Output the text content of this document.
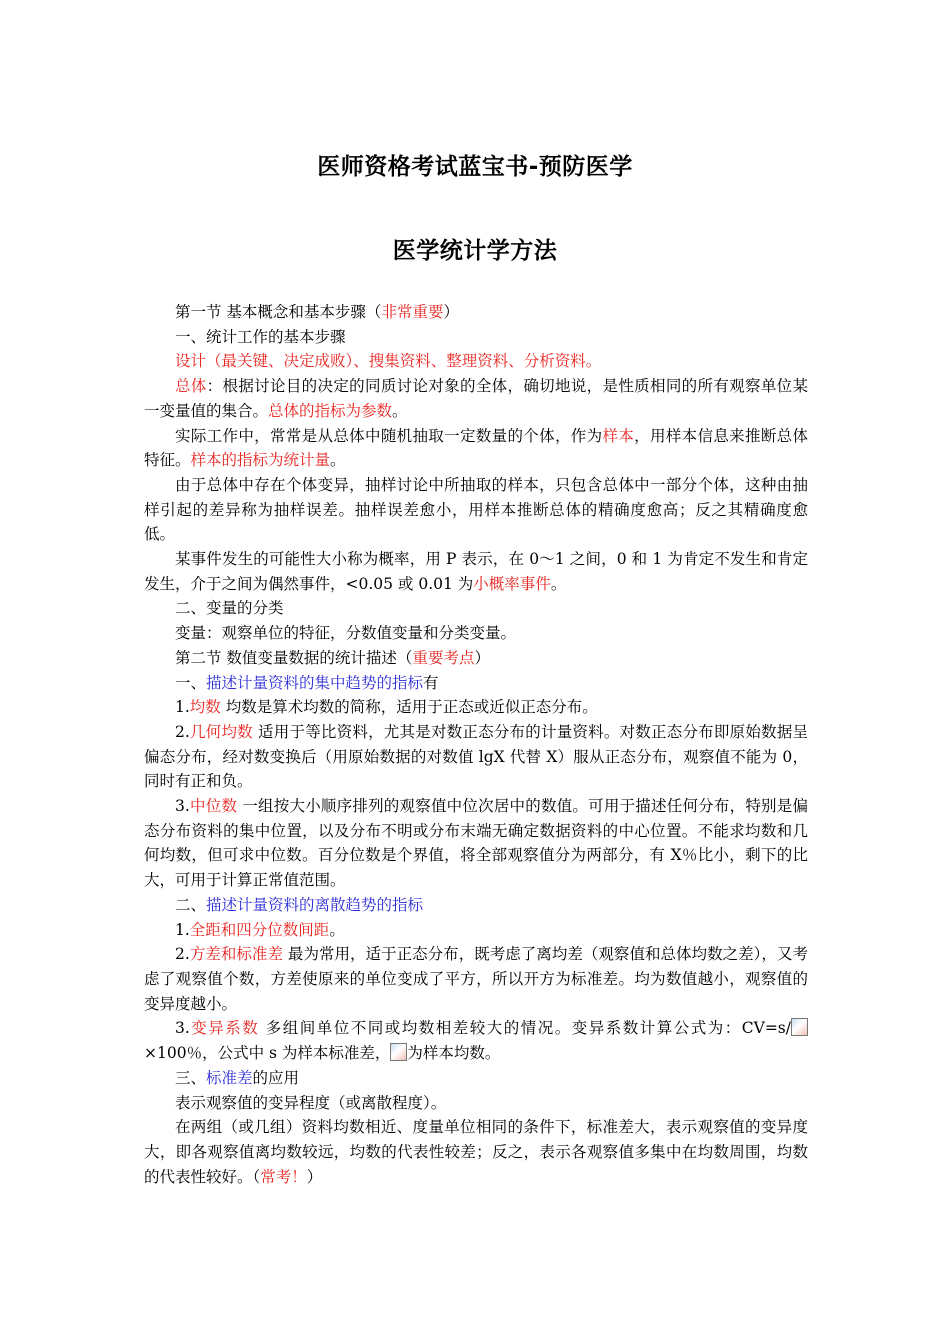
医师资格考试蓝宝书-预防医学
医学统计学方法

第一节 基本概念和基本步骤（非常重要）

一、统计工作的基本步骤

设计（最关键、决定成败）、搜集资料、整理资料、分析资料。

总体：根据讨论目的决定的同质讨论对象的全体，确切地说，是性质相同的所有观察单位某一变量值的集合。总体的指标为参数。

实际工作中，常常是从总体中随机抽取一定数量的个体，作为样本，用样本信息来推断总体特征。样本的指标为统计量。

由于总体中存在个体变异，抽样讨论中所抽取的样本，只包含总体中一部分个体，这种由抽样引起的差异称为抽样误差。抽样误差愈小，用样本推断总体的精确度愈高；反之其精确度愈低。

某事件发生的可能性大小称为概率，用 P 表示，在 0～1 之间，0 和 1 为肯定不发生和肯定发生，介于之间为偶然事件，<0.05 或 0.01 为小概率事件。

二、变量的分类

变量：观察单位的特征，分数值变量和分类变量。

第二节 数值变量数据的统计描述（重要考点）

一、描述计量资料的集中趋势的指标有

1.均数 均数是算术均数的简称，适用于正态或近似正态分布。

2.几何均数 适用于等比资料，尤其是对数正态分布的计量资料。对数正态分布即原始数据呈偏态分布，经对数变换后（用原始数据的对数值 lgX 代替 X）服从正态分布，观察值不能为 0，同时有正和负。

3.中位数 一组按大小顺序排列的观察值中位次居中的数值。可用于描述任何分布，特别是偏态分布资料的集中位置，以及分布不明或分布末端无确定数据资料的中心位置。不能求均数和几何均数，但可求中位数。百分位数是个界值，将全部观察值分为两部分，有 X％比小，剩下的比大，可用于计算正常值范围。

二、描述计量资料的离散趋势的指标

1.全距和四分位数间距。

2.方差和标准差 最为常用，适于正态分布，既考虑了离均差（观察值和总体均数之差），又考虑了观察值个数，方差使原来的单位变成了平方，所以开方为标准差。均为数值越小，观察值的变异度越小。

3.变异系数 多组间单位不同或均数相差较大的情况。变异系数计算公式为：CV=s/×100％，公式中 s 为样本标准差， 为样本均数。

三、标准差的应用

表示观察值的变异程度（或离散程度）。

在两组（或几组）资料均数相近、度量单位相同的条件下，标准差大，表示观察值的变异度大，即各观察值离均数较远，均数的代表性较差；反之，表示各观察值多集中在均数周围，均数的代表性较好。（常考！）
